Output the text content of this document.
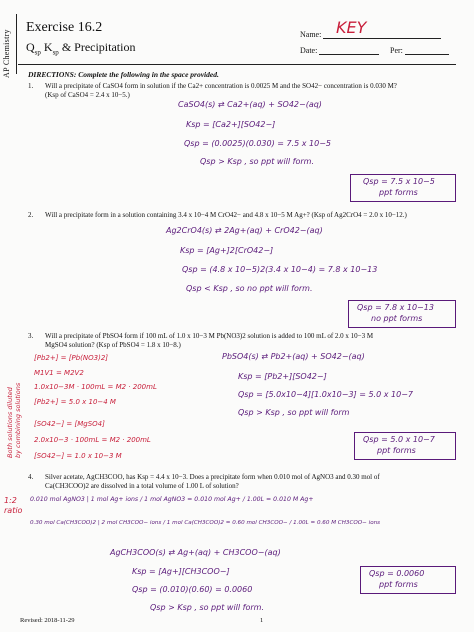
AP Chemistry
Exercise 16.2
$Q_{sp}$ $K_{sp}$ & Precipitation
Name: KEY
Date:	Per:
DIRECTIONS: Complete the following in the space provided.
1. Will a precipitate of CaSO4 form in solution if the Ca2+ concentration is 0.0025 M and the SO42− concentration is 0.030 M?
(Ksp of CaSO4 = 2.4 x 10−5.)
CaSO4(s) ⇄ Ca2+(aq) + SO42−(aq)
Ksp = [Ca2+][SO42−]
Qsp = (0.0025)(0.030) = 7.5 x 10−5
Qsp > Ksp , so ppt will form.
Qsp = 7.5 x 10−5
ppt forms
2. Will a precipitate form in a solution containing 3.4 x 10−4 M CrO42− and 4.8 x 10−5 M Ag+? (Ksp of Ag2CrO4 = 2.0 x 10−12.)
Ag2CrO4(s) ⇄ 2Ag+(aq) + CrO42−(aq)
Ksp = [Ag+]2[CrO42−]
Qsp = (4.8 x 10−5)2(3.4 x 10−4) = 7.8 x 10−13
Qsp < Ksp , so no ppt will form.
Qsp = 7.8 x 10−13
no ppt forms
3. Will a precipitate of PbSO4 form if 100 mL of 1.0 x 10−3 M Pb(NO3)2 solution is added to 100 mL of 2.0 x 10−3 M
MgSO4 solution? (Ksp of PbSO4 = 1.8 x 10−8.)
Both solutions diluted by combining solutions
[Pb2+] = [Pb(NO3)2]
M1V1 = M2V2
1.0x10−3M · 100mL = M2 · 200mL
[Pb2+] = 5.0 x 10−4 M
[SO42−] = [MgSO4]
2.0x10−3 · 100mL = M2 · 200mL
[SO42−] = 1.0 x 10−3 M
PbSO4(s) ⇄ Pb2+(aq) + SO42−(aq)
Ksp = [Pb2+][SO42−]
Qsp = [5.0x10−4][1.0x10−3] = 5.0 x 10−7
Qsp > Ksp , so ppt will form
Qsp = 5.0 x 10−7
ppt forms
4. Silver acetate, AgCH3COO, has Ksp = 4.4 x 10−3. Does a precipitate form when 0.010 mol of AgNO3 and 0.30 mol of
Ca(CH3COO)2 are dissolved in a total volume of 1.00 L of solution?
1:2
ratio
0.010 mol AgNO3 | 1 mol Ag+ ions / 1 mol AgNO3 = 0.010 mol Ag+ / 1.00L = 0.010 M Ag+
0.30 mol Ca(CH3COO)2 | 2 mol CH3COO− ions / 1 mol Ca(CH3COO)2 = 0.60 mol CH3COO− / 1.00L = 0.60 M CH3COO− ions
AgCH3COO(s) ⇄ Ag+(aq) + CH3COO−(aq)
Ksp = [Ag+][CH3COO−]
Qsp = (0.010)(0.60) = 0.0060
Qsp > Ksp , so ppt will form.
Qsp = 0.0060
ppt forms
Revised: 2018-11-29	1
